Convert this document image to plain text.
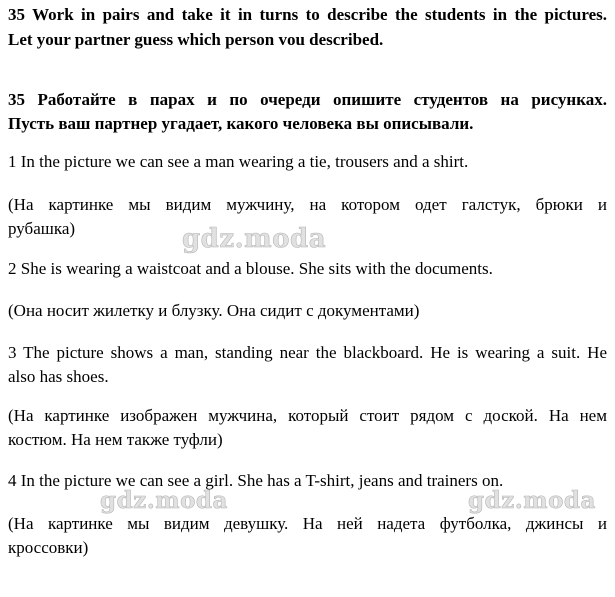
35 Work in pairs and take it in turns to describe the students in the pictures.
Let your partner guess which person vou described.
35 Работайте в парах и по очереди опишите студентов на рисунках.
Пусть ваш партнер угадает, какого человека вы описывали.
1 In the picture we can see a man wearing a tie, trousers and a shirt.
(На картинке мы видим мужчину, на котором одет галстук, брюки и
рубашка)
2 She is wearing a waistcoat and a blouse. She sits with the documents.
(Она носит жилетку и блузку. Она сидит с документами)
3 The picture shows a man, standing near the blackboard. He is wearing a suit. He
also has shoes.
(На картинке изображен мужчина, который стоит рядом с доской. На нем
костюм. На нем также туфли)
4 In the picture we can see a girl. She has a T-shirt, jeans and trainers on.
(На картинке мы видим девушку. На ней надета футболка, джинсы и
кроссовки)
gdz.moda
gdz.moda	gdz.moda
